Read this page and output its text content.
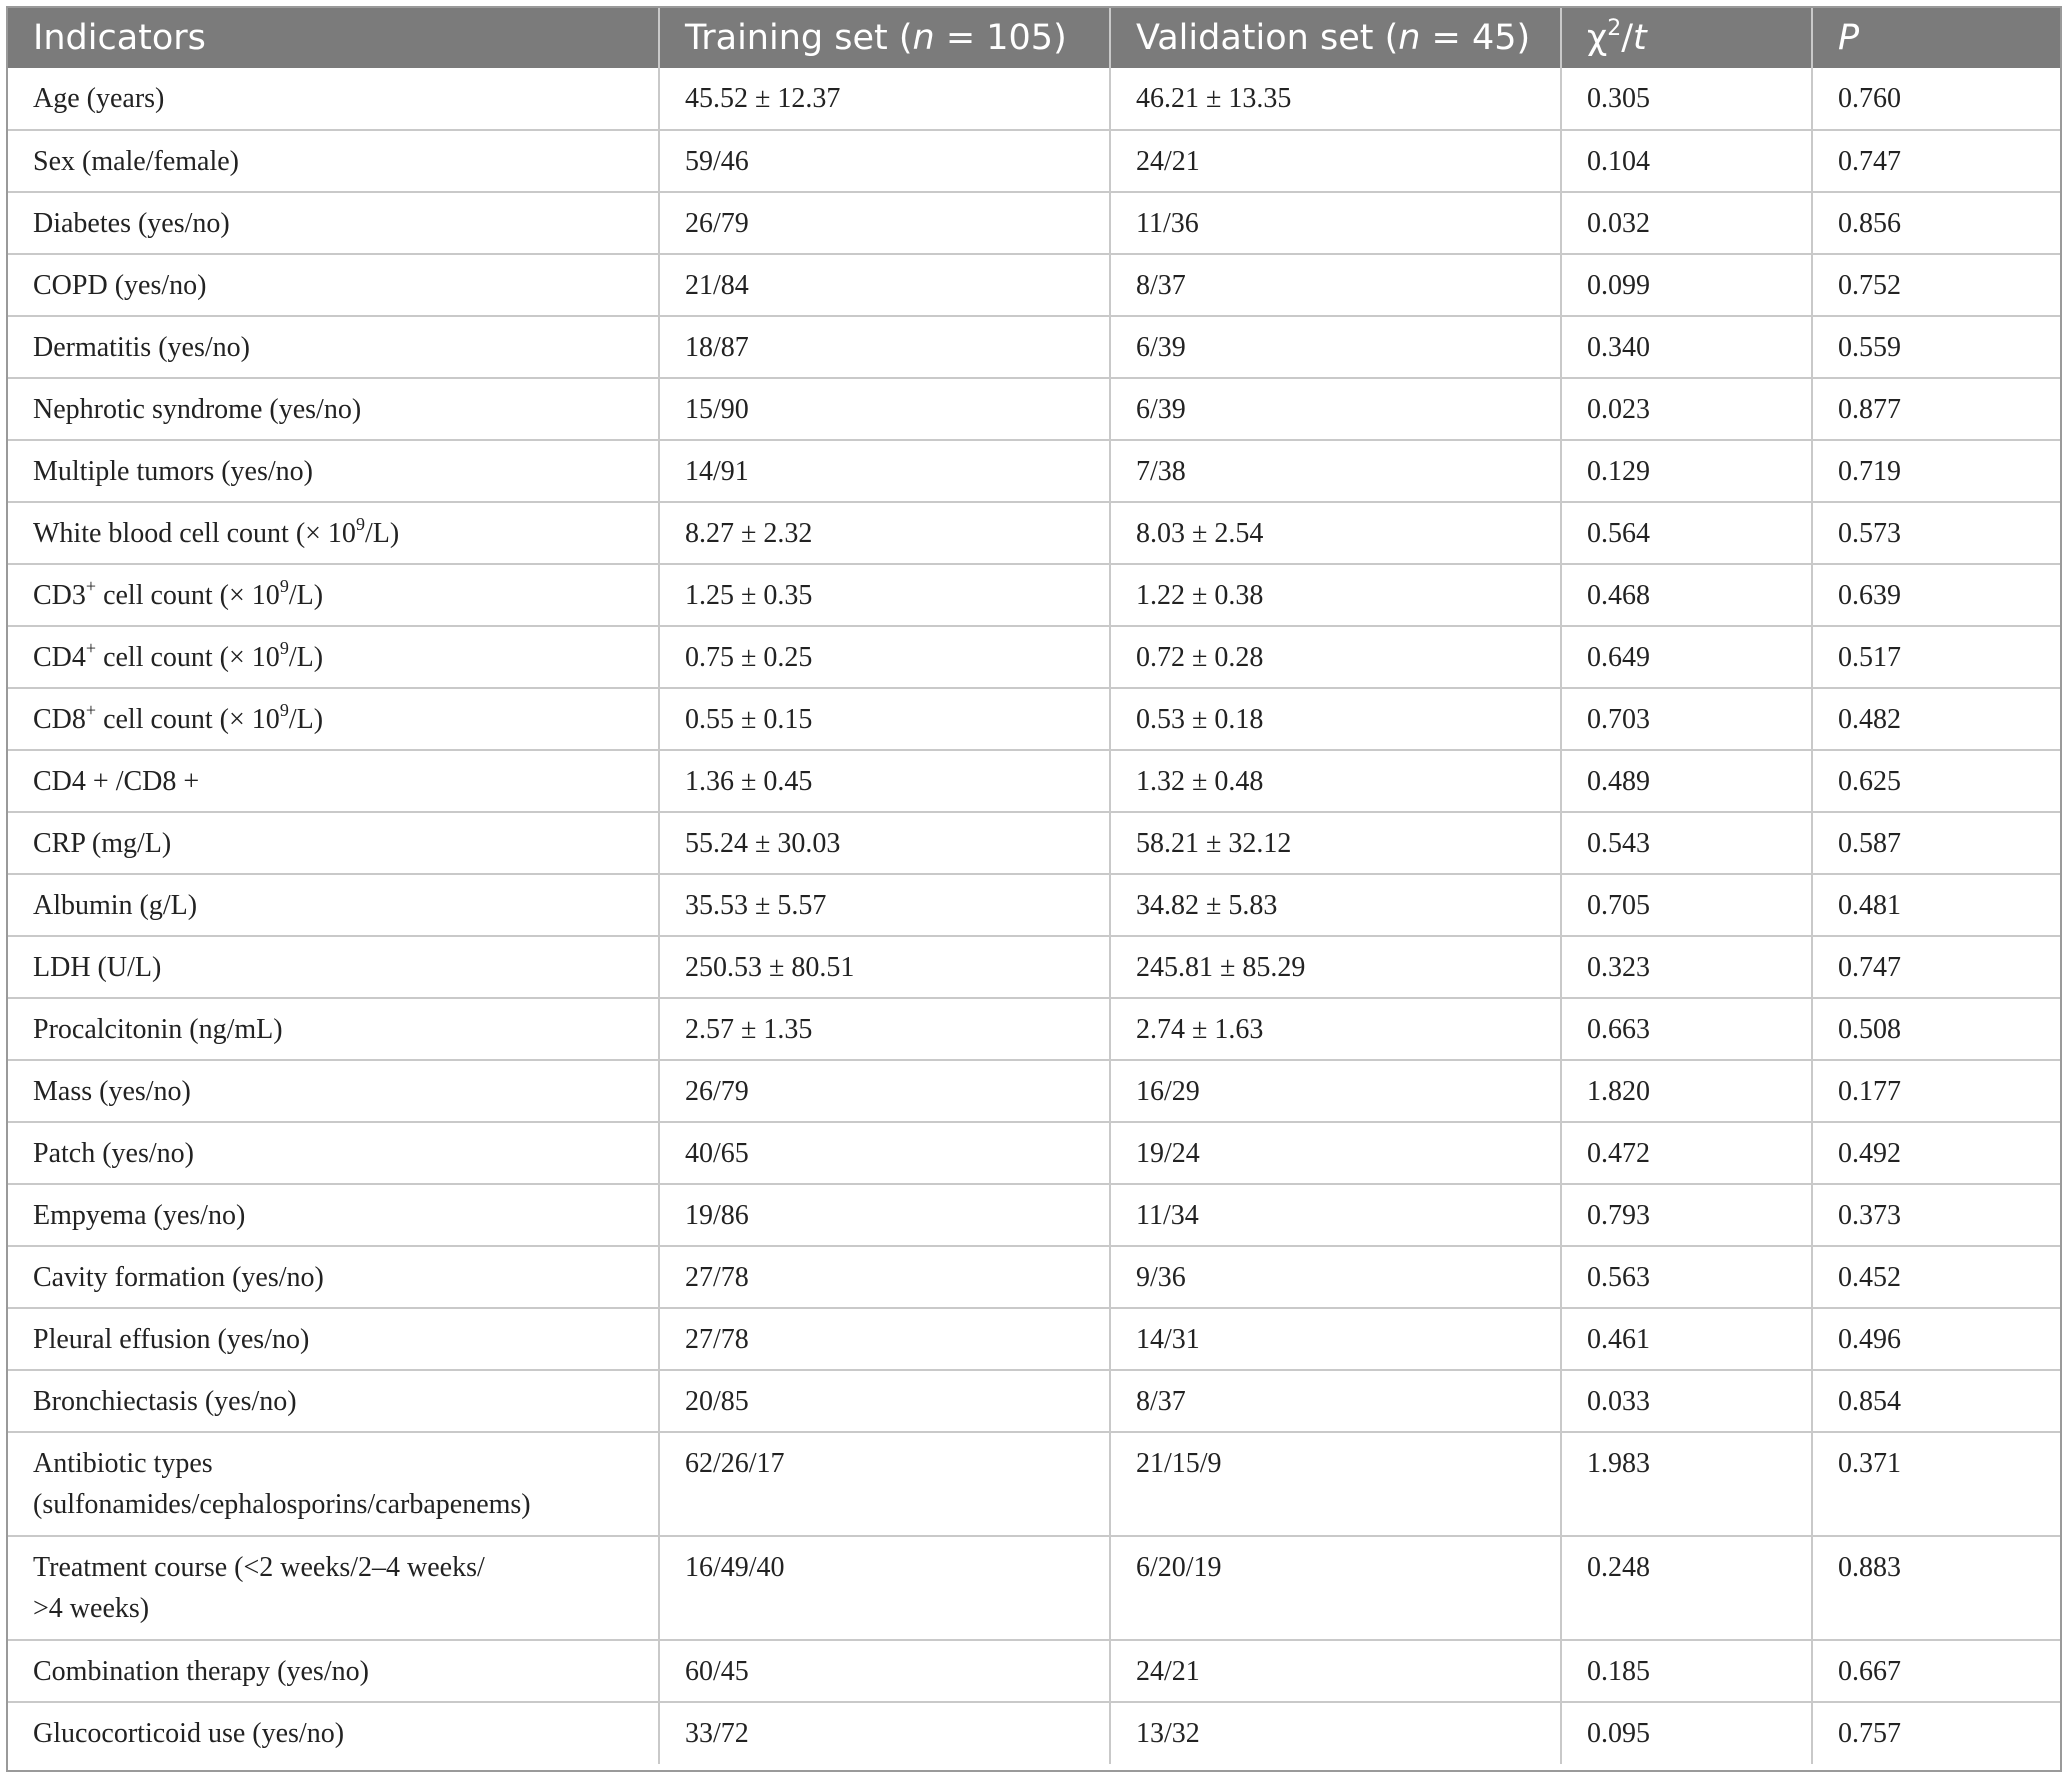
Indicators	Training set (n = 105)	Validation set (n = 45)	$\chi^2/t$	P
Age (years)	45.52 ± 12.37	46.21 ± 13.35	0.305	0.760
Sex (male/female)	59/46	24/21	0.104	0.747
Diabetes (yes/no)	26/79	11/36	0.032	0.856
COPD (yes/no)	21/84	8/37	0.099	0.752
Dermatitis (yes/no)	18/87	6/39	0.340	0.559
Nephrotic syndrome (yes/no)	15/90	6/39	0.023	0.877
Multiple tumors (yes/no)	14/91	7/38	0.129	0.719
White blood cell count (× $10^9/L$)	8.27 ± 2.32	8.03 ± 2.54	0.564	0.573
CD3+ cell count (× $10^9/L$)	1.25 ± 0.35	1.22 ± 0.38	0.468	0.639
CD4+ cell count (× $10^9/L$)	0.75 ± 0.25	0.72 ± 0.28	0.649	0.517
CD8+ cell count (× $10^9/L$)	0.55 ± 0.15	0.53 ± 0.18	0.703	0.482
CD4 + /CD8 +	1.36 ± 0.45	1.32 ± 0.48	0.489	0.625
CRP (mg/L)	55.24 ± 30.03	58.21 ± 32.12	0.543	0.587
Albumin (g/L)	35.53 ± 5.57	34.82 ± 5.83	0.705	0.481
LDH (U/L)	250.53 ± 80.51	245.81 ± 85.29	0.323	0.747
Procalcitonin (ng/mL)	2.57 ± 1.35	2.74 ± 1.63	0.663	0.508
Mass (yes/no)	26/79	16/29	1.820	0.177
Patch (yes/no)	40/65	19/24	0.472	0.492
Empyema (yes/no)	19/86	11/34	0.793	0.373
Cavity formation (yes/no)	27/78	9/36	0.563	0.452
Pleural effusion (yes/no)	27/78	14/31	0.461	0.496
Bronchiectasis (yes/no)	20/85	8/37	0.033	0.854

Antibiotic types
(sulfonamides/cephalosporins/carbapenems)	62/26/17	21/15/9	1.983	0.371

Treatment course (<2 weeks/2–4 weeks/
>4 weeks)	16/49/40	6/20/19	0.248	0.883
Combination therapy (yes/no)	60/45	24/21	0.185	0.667
Glucocorticoid use (yes/no)	33/72	13/32	0.095	0.757
